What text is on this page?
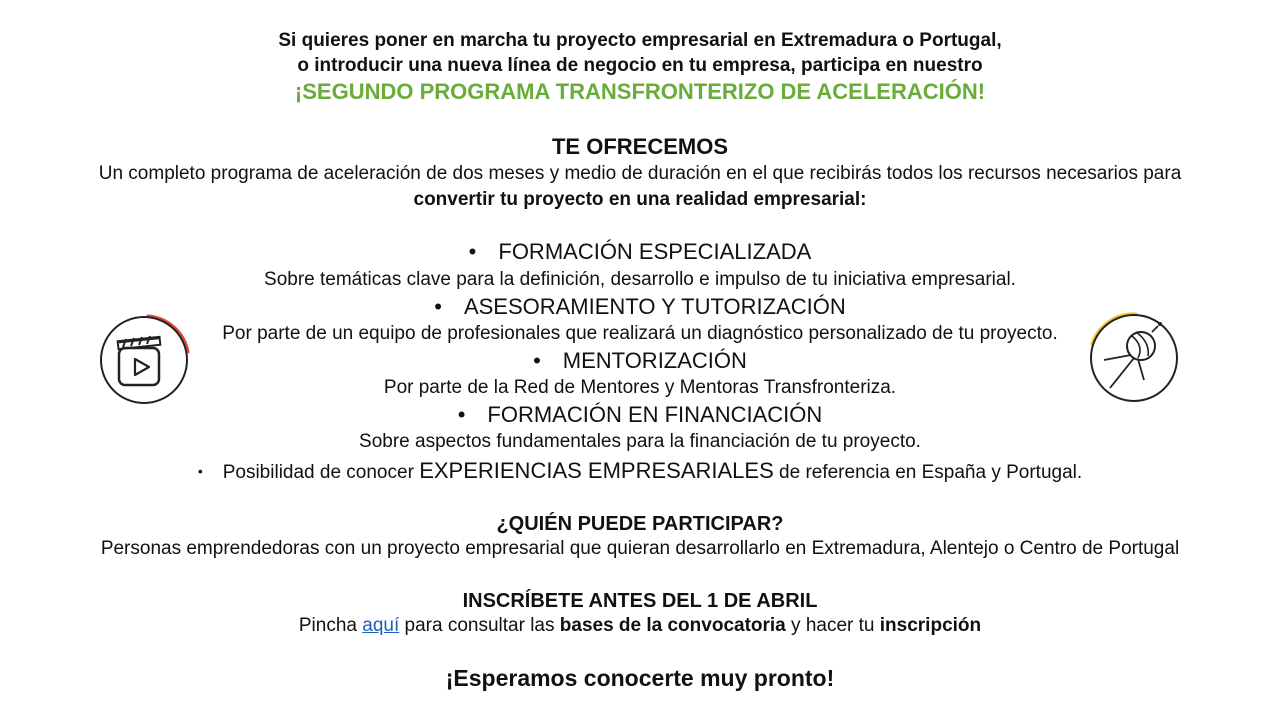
Si quieres poner en marcha tu proyecto empresarial en Extremadura o Portugal,
o introducir una nueva línea de negocio en tu empresa, participa en nuestro
¡SEGUNDO PROGRAMA TRANSFRONTERIZO DE ACELERACIÓN!
TE OFRECEMOS
Un completo programa de aceleración de dos meses y medio de duración en el que recibirás todos los recursos necesarios para
convertir tu proyecto en una realidad empresarial:
• FORMACIÓN ESPECIALIZADA
Sobre temáticas clave para la definición, desarrollo e impulso de tu iniciativa empresarial.
• ASESORAMIENTO Y TUTORIZACIÓN
Por parte de un equipo de profesionales que realizará un diagnóstico personalizado de tu proyecto.
• MENTORIZACIÓN
Por parte de la Red de Mentores y Mentoras Transfronteriza.
• FORMACIÓN EN FINANCIACIÓN
Sobre aspectos fundamentales para la financiación de tu proyecto.
• Posibilidad de conocer EXPERIENCIAS EMPRESARIALES de referencia en España y Portugal.
¿QUIÉN PUEDE PARTICIPAR?
Personas emprendedoras con un proyecto empresarial que quieran desarrollarlo en Extremadura, Alentejo o Centro de Portugal
INSCRÍBETE ANTES DEL 1 DE ABRIL
Pincha aquí para consultar las bases de la convocatoria y hacer tu inscripción
¡Esperamos conocerte muy pronto!
